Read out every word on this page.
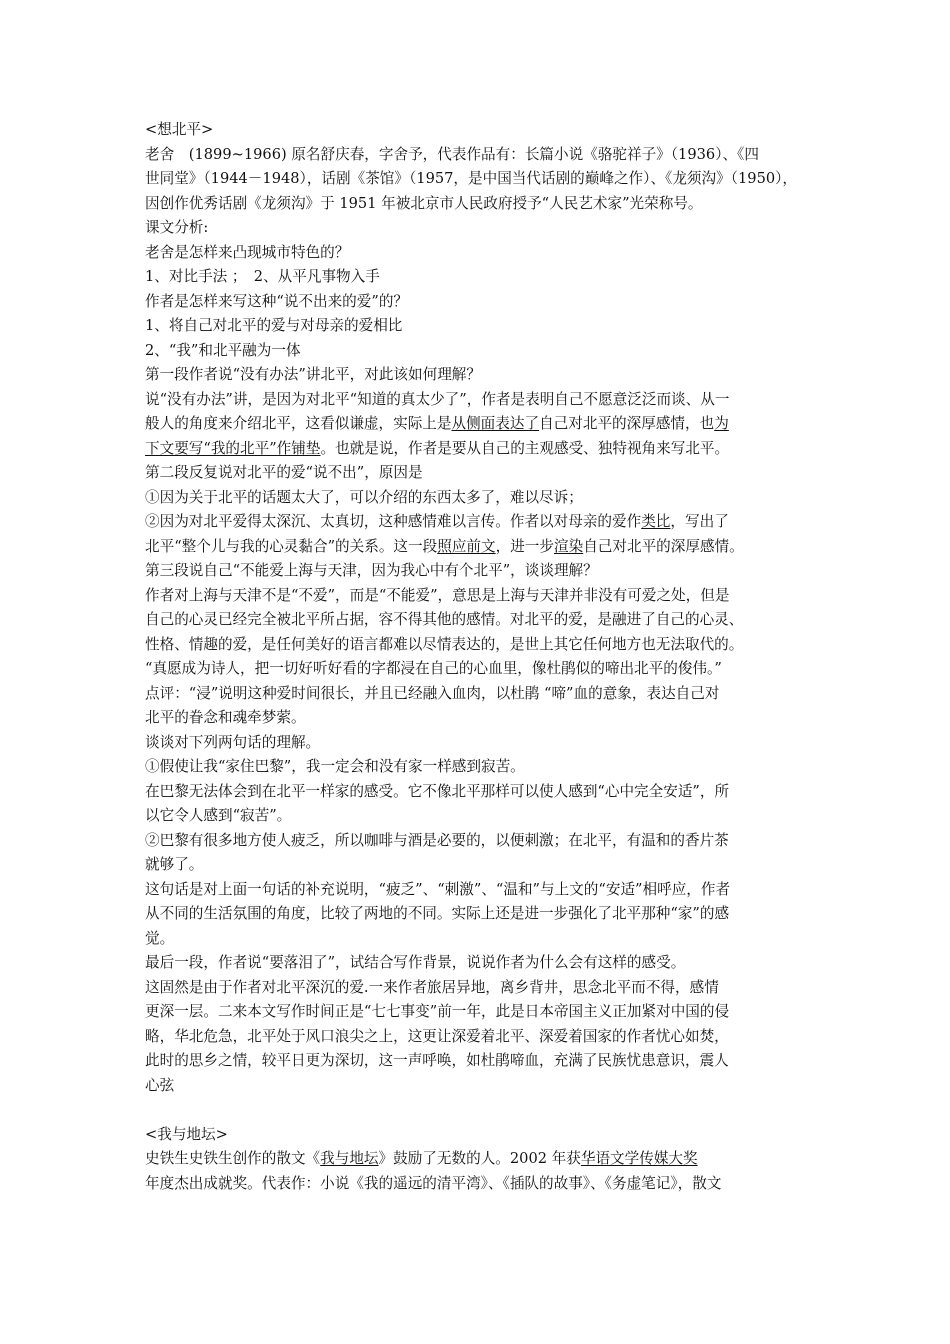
<想北平>
老舍　(1899~1966) 原名舒庆春，字舍予，代表作品有：长篇小说《骆驼祥子》（1936）、《四
世同堂》（1944－1948），话剧《茶馆》（1957，是中国当代话剧的巅峰之作）、《龙须沟》（1950），
因创作优秀话剧《龙须沟》于 1951 年被北京市人民政府授予“人民艺术家”光荣称号。
课文分析:
老舍是怎样来凸现城市特色的？
1、对比手法 ；　2、从平凡事物入手
作者是怎样来写这种“说不出来的爱”的？
1、将自己对北平的爱与对母亲的爱相比
2、“我”和北平融为一体
第一段作者说“没有办法”讲北平，对此该如何理解？
说“没有办法”讲，是因为对北平“知道的真太少了”，作者是表明自己不愿意泛泛而谈、从一
般人的角度来介绍北平，这看似谦虚，实际上是从侧面表达了自己对北平的深厚感情，也为
下文要写“我的北平”作铺垫。也就是说，作者是要从自己的主观感受、独特视角来写北平。
第二段反复说对北平的爱“说不出”，原因是
①因为关于北平的话题太大了，可以介绍的东西太多了，难以尽诉；
②因为对北平爱得太深沉、太真切，这种感情难以言传。作者以对母亲的爱作类比，写出了
北平“整个儿与我的心灵黏合”的关系。这一段照应前文，进一步渲染自己对北平的深厚感情。
第三段说自己“不能爱上海与天津，因为我心中有个北平”，谈谈理解？
作者对上海与天津不是“不爱”，而是“不能爱”，意思是上海与天津并非没有可爱之处，但是
自己的心灵已经完全被北平所占据，容不得其他的感情。对北平的爱，是融进了自己的心灵、
性格、情趣的爱，是任何美好的语言都难以尽情表达的，是世上其它任何地方也无法取代的。
“真愿成为诗人，把一切好听好看的字都浸在自己的心血里，像杜鹃似的啼出北平的俊伟。”
点评：“浸”说明这种爱时间很长，并且已经融入血肉，以杜鹃 “啼”血的意象，表达自己对
北平的眷念和魂牵梦萦。
谈谈对下列两句话的理解。
①假使让我“家住巴黎”，我一定会和没有家一样感到寂苦。
在巴黎无法体会到在北平一样家的感受。它不像北平那样可以使人感到“心中完全安适”，所
以它令人感到“寂苦”。
②巴黎有很多地方使人疲乏，所以咖啡与酒是必要的，以便刺激；在北平，有温和的香片茶
就够了。
这句话是对上面一句话的补充说明，“疲乏”、“刺激”、“温和”与上文的“安适”相呼应，作者
从不同的生活氛围的角度，比较了两地的不同。实际上还是进一步强化了北平那种“家”的感
觉。
最后一段，作者说“要落泪了”，试结合写作背景，说说作者为什么会有这样的感受。
这固然是由于作者对北平深沉的爱.一来作者旅居异地，离乡背井，思念北平而不得，感情
更深一层。二来本文写作时间正是“七七事变”前一年，此是日本帝国主义正加紧对中国的侵
略，华北危急，北平处于风口浪尖之上，这更让深爱着北平、深爱着国家的作者忧心如焚，
此时的思乡之情，较平日更为深切，这一声呼唤，如杜鹃啼血，充满了民族忧患意识，震人
心弦
<我与地坛>
史铁生史铁生创作的散文《我与地坛》鼓励了无数的人。2002 年获华语文学传媒大奖
年度杰出成就奖。代表作：小说《我的遥远的清平湾》、《插队的故事》、《务虚笔记》，散文
